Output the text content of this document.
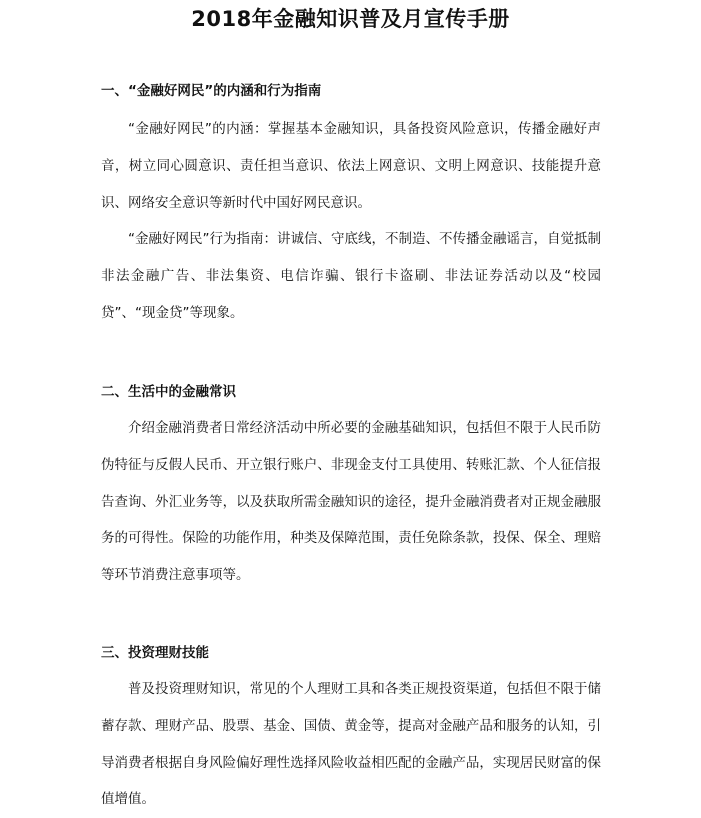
2018年金融知识普及月宣传手册
一、“金融好网民”的内涵和行为指南

“金融好网民”的内涵：掌握基本金融知识，具备投资风险意识，传播金融好声音，树立同心圆意识、责任担当意识、依法上网意识、文明上网意识、技能提升意识、网络安全意识等新时代中国好网民意识。

“金融好网民”行为指南：讲诚信、守底线，不制造、不传播金融谣言，自觉抵制非法金融广告、非法集资、电信诈骗、银行卡盗刷、非法证券活动以及“校园贷”、“现金贷”等现象。

二、生活中的金融常识

介绍金融消费者日常经济活动中所必要的金融基础知识，包括但不限于人民币防伪特征与反假人民币、开立银行账户、非现金支付工具使用、转账汇款、个人征信报告查询、外汇业务等，以及获取所需金融知识的途径，提升金融消费者对正规金融服务的可得性。保险的功能作用，种类及保障范围，责任免除条款，投保、保全、理赔等环节消费注意事项等。

三、投资理财技能

普及投资理财知识，常见的个人理财工具和各类正规投资渠道，包括但不限于储蓄存款、理财产品、股票、基金、国债、黄金等，提高对金融产品和服务的认知，引导消费者根据自身风险偏好理性选择风险收益相匹配的金融产品，实现居民财富的保值增值。
